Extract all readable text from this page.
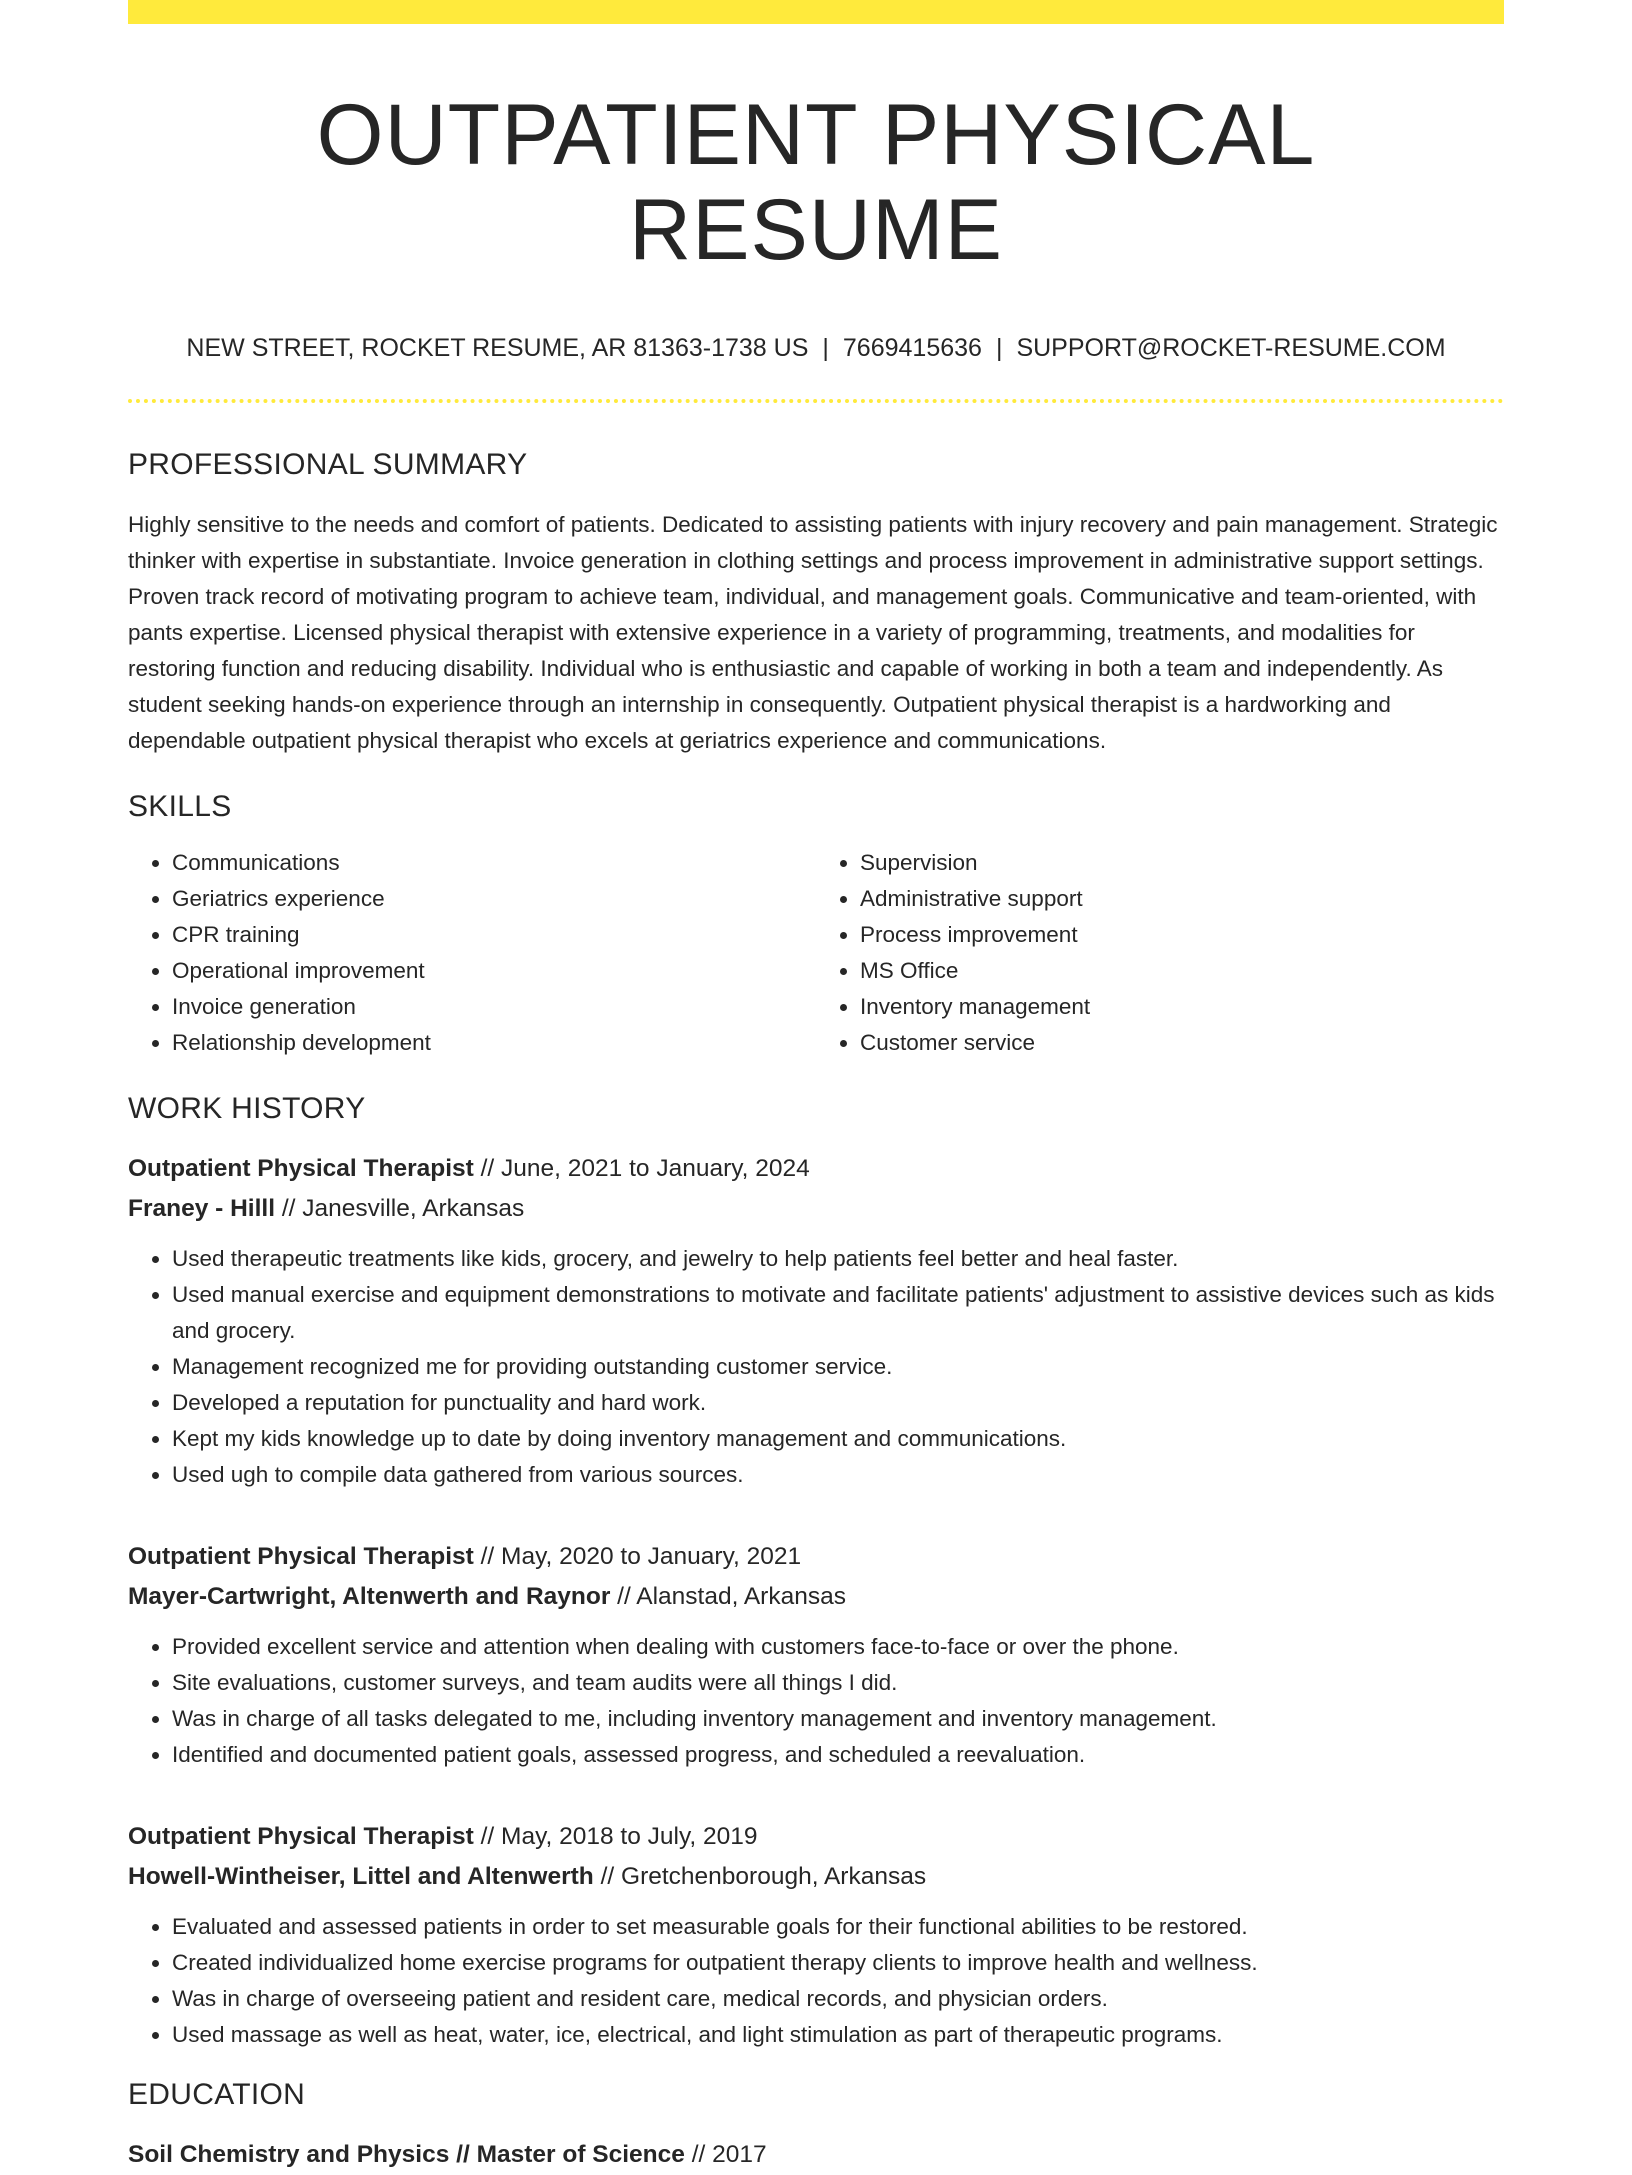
OUTPATIENT PHYSICAL RESUME
NEW STREET, ROCKET RESUME, AR 81363-1738 US | 7669415636 | SUPPORT@ROCKET-RESUME.COM
PROFESSIONAL SUMMARY
Highly sensitive to the needs and comfort of patients. Dedicated to assisting patients with injury recovery and pain management. Strategic thinker with expertise in substantiate. Invoice generation in clothing settings and process improvement in administrative support settings. Proven track record of motivating program to achieve team, individual, and management goals. Communicative and team-oriented, with pants expertise. Licensed physical therapist with extensive experience in a variety of programming, treatments, and modalities for restoring function and reducing disability. Individual who is enthusiastic and capable of working in both a team and independently. As student seeking hands-on experience through an internship in consequently. Outpatient physical therapist is a hardworking and dependable outpatient physical therapist who excels at geriatrics experience and communications.
SKILLS
• Communications
• Geriatrics experience
• CPR training
• Operational improvement
• Invoice generation
• Relationship development
• Supervision
• Administrative support
• Process improvement
• MS Office
• Inventory management
• Customer service
WORK HISTORY
Outpatient Physical Therapist // June, 2021 to January, 2024
Franey - Hilll // Janesville, Arkansas
• Used therapeutic treatments like kids, grocery, and jewelry to help patients feel better and heal faster.
• Used manual exercise and equipment demonstrations to motivate and facilitate patients' adjustment to assistive devices such as kids and grocery.
• Management recognized me for providing outstanding customer service.
• Developed a reputation for punctuality and hard work.
• Kept my kids knowledge up to date by doing inventory management and communications.
• Used ugh to compile data gathered from various sources.
Outpatient Physical Therapist // May, 2020 to January, 2021
Mayer-Cartwright, Altenwerth and Raynor // Alanstad, Arkansas
• Provided excellent service and attention when dealing with customers face-to-face or over the phone.
• Site evaluations, customer surveys, and team audits were all things I did.
• Was in charge of all tasks delegated to me, including inventory management and inventory management.
• Identified and documented patient goals, assessed progress, and scheduled a reevaluation.
Outpatient Physical Therapist // May, 2018 to July, 2019
Howell-Wintheiser, Littel and Altenwerth // Gretchenborough, Arkansas
• Evaluated and assessed patients in order to set measurable goals for their functional abilities to be restored.
• Created individualized home exercise programs for outpatient therapy clients to improve health and wellness.
• Was in charge of overseeing patient and resident care, medical records, and physician orders.
• Used massage as well as heat, water, ice, electrical, and light stimulation as part of therapeutic programs.
EDUCATION
Soil Chemistry and Physics // Master of Science // 2017
